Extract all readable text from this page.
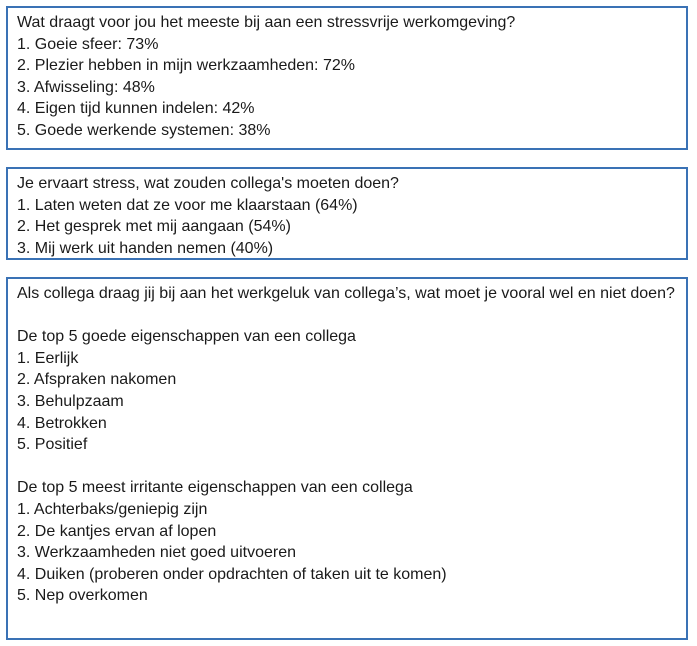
Wat draagt voor jou het meeste bij aan een stressvrije werkomgeving?
1. Goeie sfeer: 73%
2. Plezier hebben in mijn werkzaamheden: 72%
3. Afwisseling: 48%
4. Eigen tijd kunnen indelen: 42%
5. Goede werkende systemen: 38%
Je ervaart stress, wat zouden collega's moeten doen?
1. Laten weten dat ze voor me klaarstaan (64%)
2. Het gesprek met mij aangaan (54%)
3. Mij werk uit handen nemen (40%)
Als collega draag jij bij aan het werkgeluk van collega’s, wat moet je vooral wel en niet doen?
De top 5 goede eigenschappen van een collega
1. Eerlijk
2. Afspraken nakomen
3. Behulpzaam
4. Betrokken
5. Positief
De top 5 meest irritante eigenschappen van een collega
1. Achterbaks/geniepig zijn
2. De kantjes ervan af lopen
3. Werkzaamheden niet goed uitvoeren
4. Duiken (proberen onder opdrachten of taken uit te komen)
5. Nep overkomen
